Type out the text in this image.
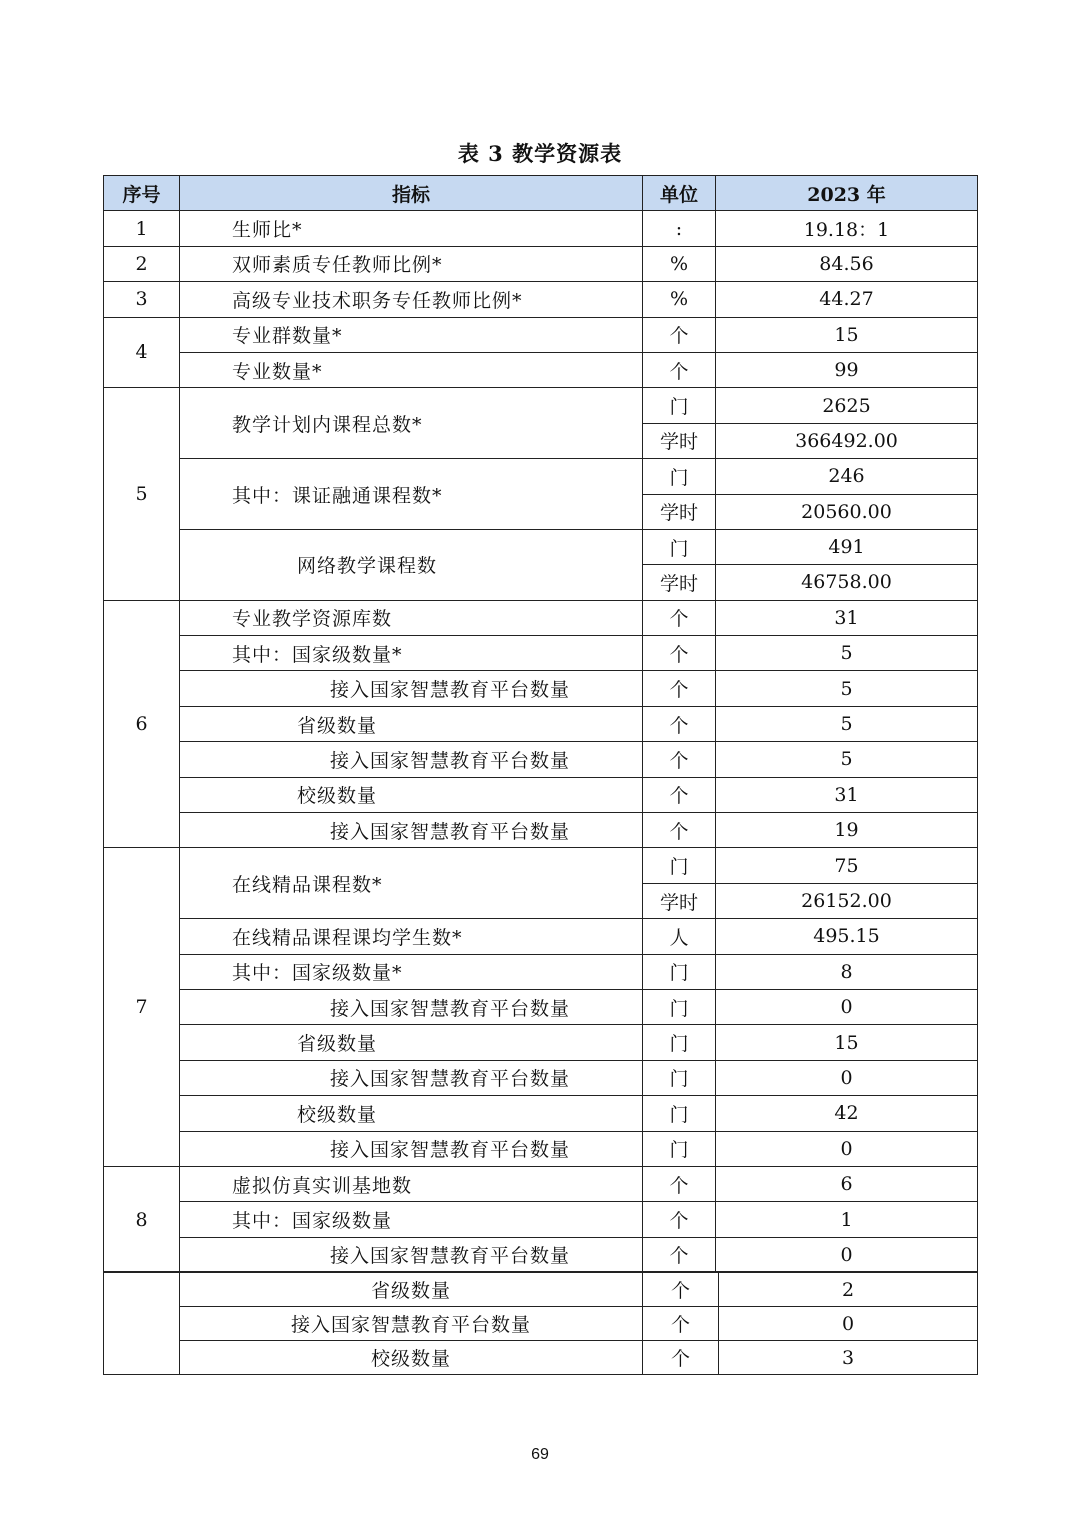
表 3 教学资源表
序号	指标	单位	2023 年
1	生师比*	:	19.18：1
2	双师素质专任教师比例*	%	84.56
3	高级专业技术职务专任教师比例*	%	44.27
4	专业群数量*	个	15
	专业数量*	个	99
5	教学计划内课程总数*	门	2625
		学时	366492.00
	其中：课证融通课程数*	门	246
		学时	20560.00
	网络教学课程数	门	491
		学时	46758.00
6	专业教学资源库数	个	31
	其中：国家级数量*	个	5
	接入国家智慧教育平台数量	个	5
	省级数量	个	5
	接入国家智慧教育平台数量	个	5
	校级数量	个	31
	接入国家智慧教育平台数量	个	19
7	在线精品课程数*	门	75
		学时	26152.00
	在线精品课程课均学生数*	人	495.15
	其中：国家级数量*	门	8
	接入国家智慧教育平台数量	门	0
	省级数量	门	15
	接入国家智慧教育平台数量	门	0
	校级数量	门	42
	接入国家智慧教育平台数量	门	0
8	虚拟仿真实训基地数	个	6
	其中：国家级数量	个	1
	接入国家智慧教育平台数量	个	0
	省级数量	个	2
	接入国家智慧教育平台数量	个	0
	校级数量	个	3
69
